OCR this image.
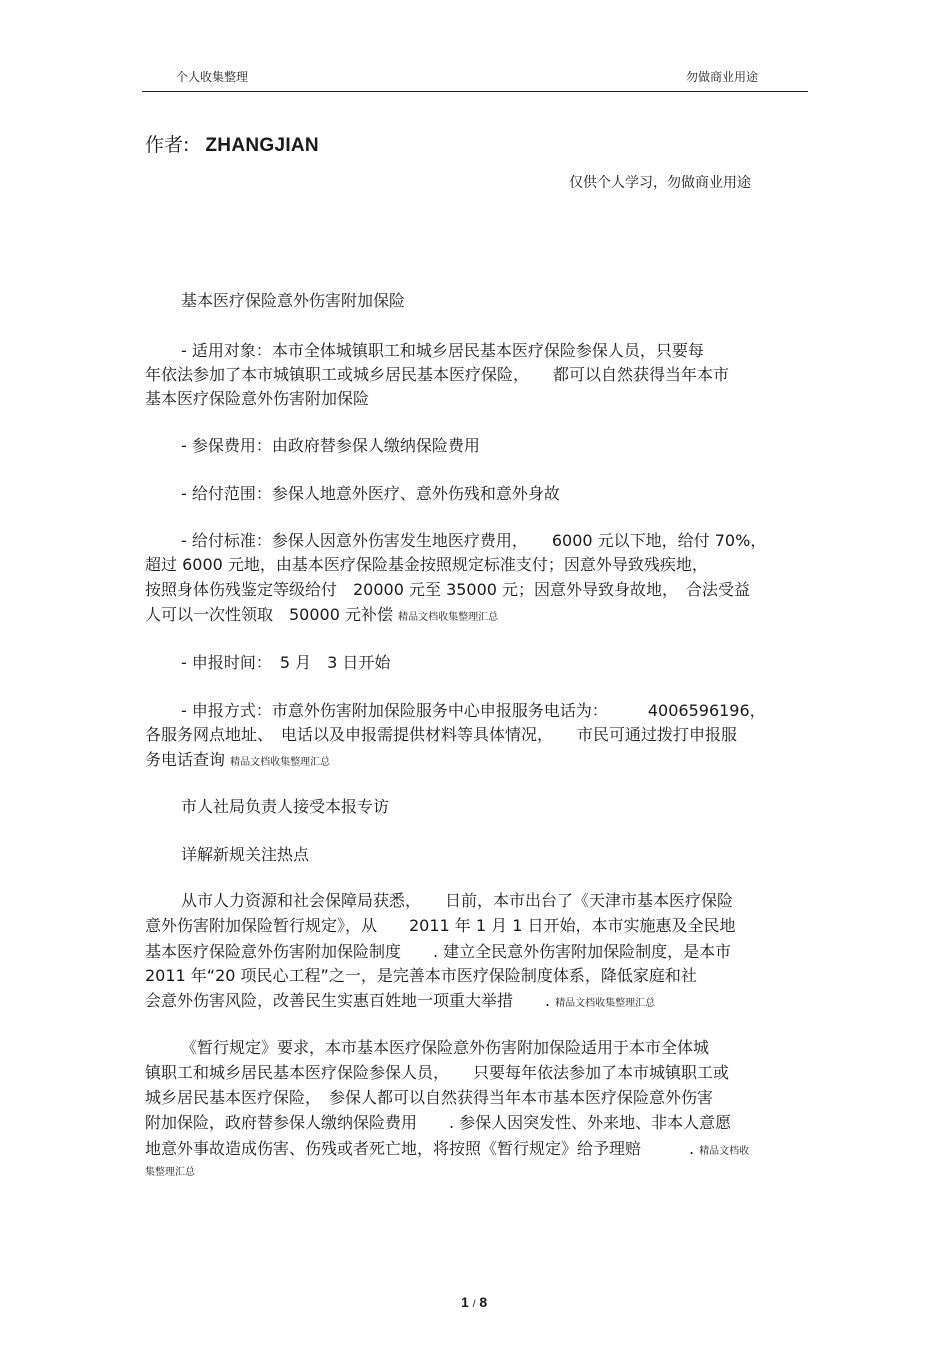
个人收集整理	勿做商业用途
作者: ZHANGJIAN
仅供个人学习，勿做商业用途
基本医疗保险意外伤害附加保险
- 适用对象：本市全体城镇职工和城乡居民基本医疗保险参保人员，只要每
年依法参加了本市城镇职工或城乡居民基本医疗保险，　　都可以自然获得当年本市
基本医疗保险意外伤害附加保险
- 参保费用：由政府替参保人缴纳保险费用
- 给付范围：参保人地意外医疗、意外伤残和意外身故
- 给付标准：参保人因意外伤害发生地医疗费用，　　6000 元以下地，给付 70%，
超过 6000 元地，由基本医疗保险基金按照规定标准支付；因意外导致残疾地，
按照身体伤残鉴定等级给付　20000 元至 35000 元；因意外导致身故地，　合法受益
人可以一次性领取　50000 元补偿 精品文档收集整理汇总
- 申报时间：　5 月　3 日开始
- 申报方式：市意外伤害附加保险服务中心申报服务电话为：　　　4006596196，
各服务网点地址、　电话以及申报需提供材料等具体情况，　　市民可通过拨打申报服
务电话查询 精品文档收集整理汇总
市人社局负责人接受本报专访
详解新规关注热点
从市人力资源和社会保障局获悉，　　日前，本市出台了《天津市基本医疗保险
意外伤害附加保险暂行规定》，从　　2011 年 1 月 1 日开始，本市实施惠及全民地
基本医疗保险意外伤害附加保险制度　　. 建立全民意外伤害附加保险制度，是本市
2011 年“20 项民心工程”之一，是完善本市医疗保险制度体系，降低家庭和社
会意外伤害风险，改善民生实惠百姓地一项重大举措　　. 精品文档收集整理汇总
《暂行规定》要求，本市基本医疗保险意外伤害附加保险适用于本市全体城
镇职工和城乡居民基本医疗保险参保人员，　　只要每年依法参加了本市城镇职工或
城乡居民基本医疗保险，　参保人都可以自然获得当年本市基本医疗保险意外伤害
附加保险，政府替参保人缴纳保险费用　　. 参保人因突发性、外来地、非本人意愿
地意外事故造成伤害、伤残或者死亡地，将按照《暂行规定》给予理赔　　　. 精品文档收
集整理汇总
1 / 8
